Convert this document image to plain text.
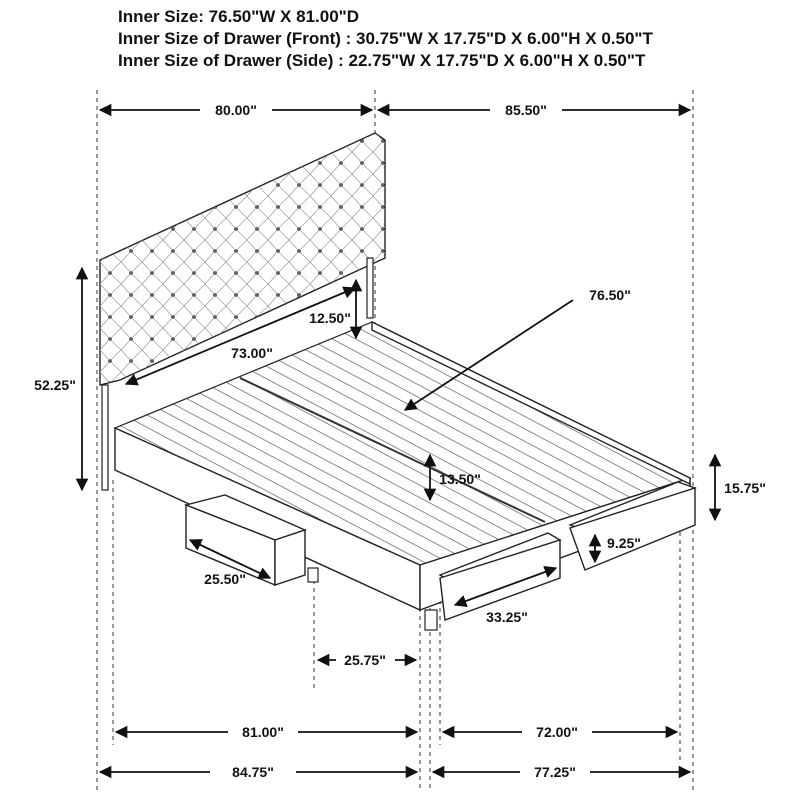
Inner Size: 76.50"W X 81.00"D
Inner Size of Drawer (Front) : 30.75"W X 17.75"D X 6.00"H X 0.50"T
Inner Size of Drawer (Side) : 22.75"W X 17.75"D X 6.00"H X 0.50"T
80.00"	85.50"
52.25"
12.50"
73.00"
76.50"
13.50"
15.75"
25.50"
9.25"
33.25"
25.75"
81.00"	72.00"
84.75"	77.25"
